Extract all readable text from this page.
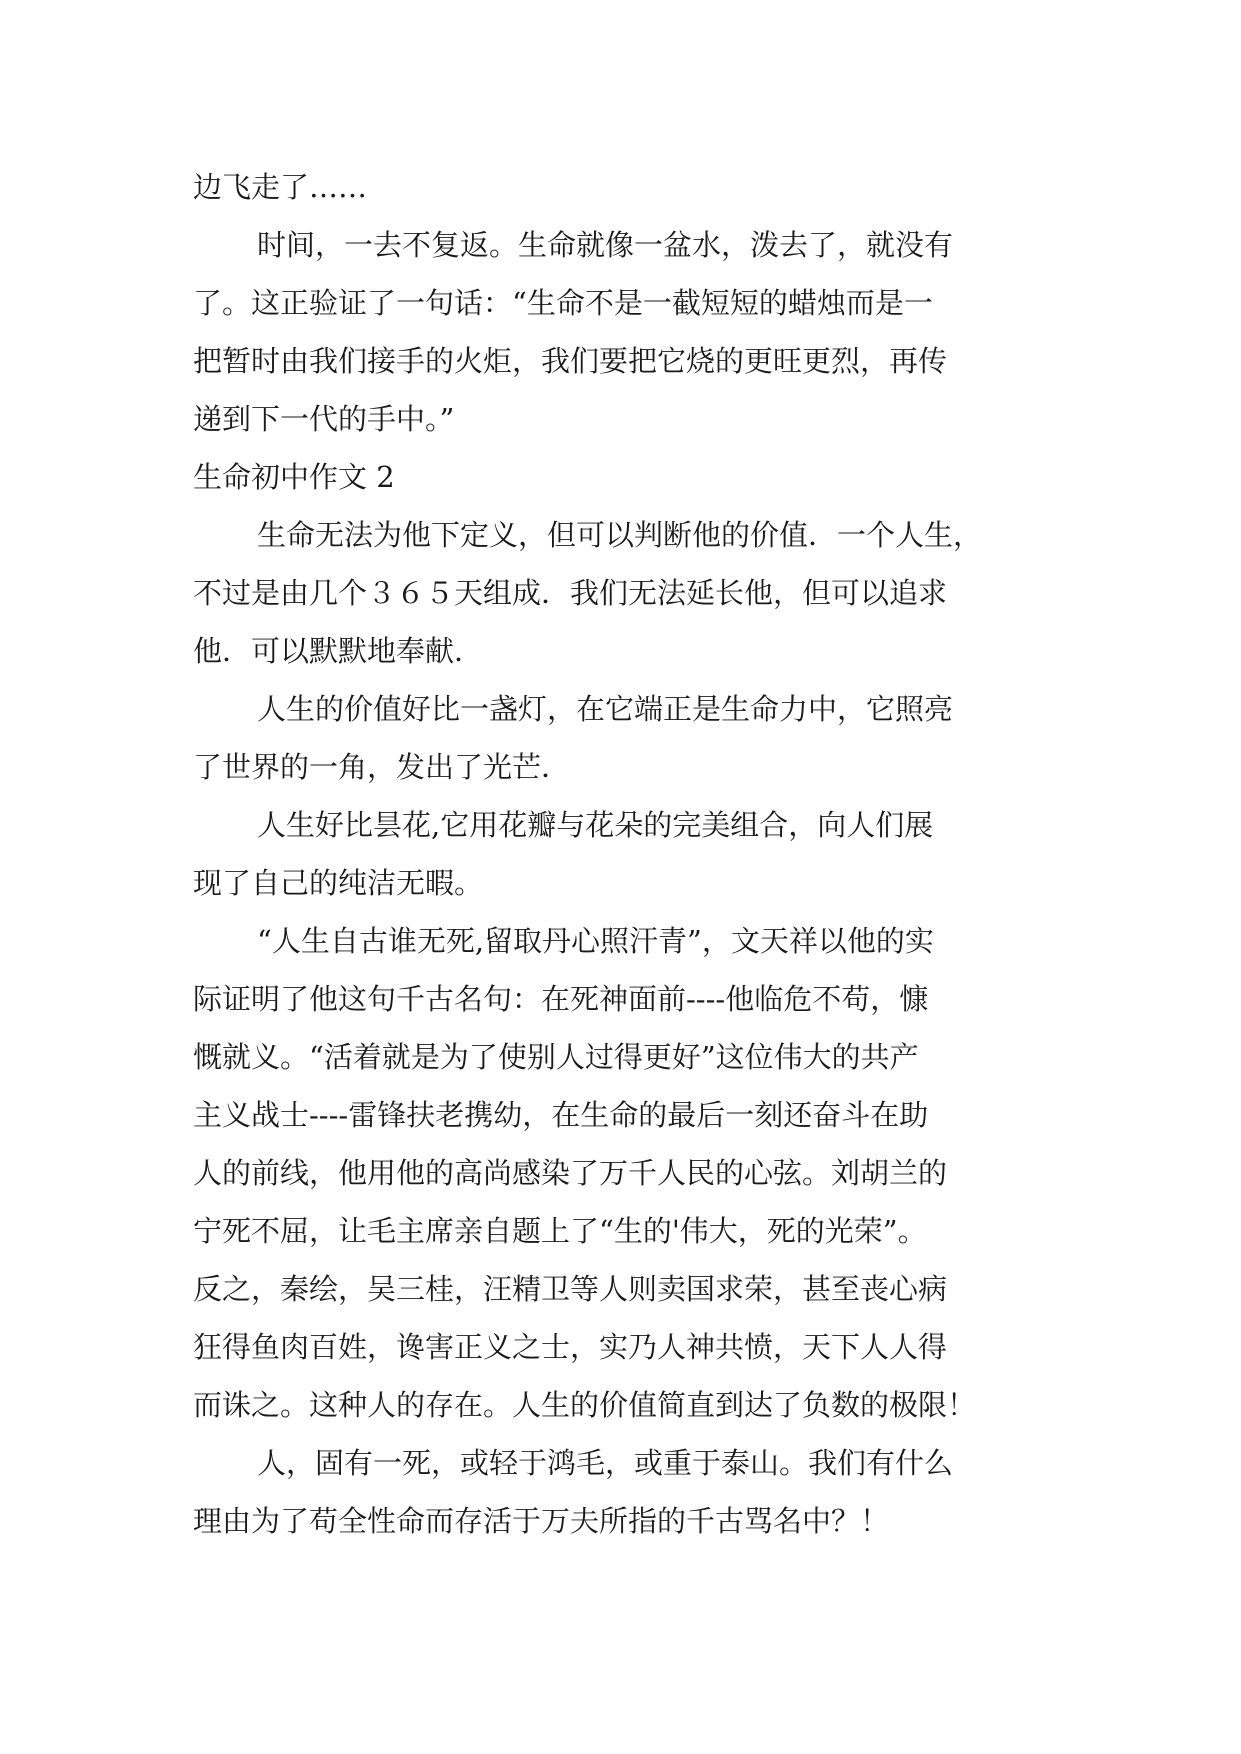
边飞走了……
时间，一去不复返。生命就像一盆水，泼去了，就没有
了。这正验证了一句话：“生命不是一截短短的蜡烛而是一
把暂时由我们接手的火炬，我们要把它烧的更旺更烈，再传
递到下一代的手中。”
生命初中作文 2
生命无法为他下定义，但可以判断他的价值．一个人生，
不过是由几个３６５天组成．我们无法延长他，但可以追求
他．可以默默地奉献．
人生的价值好比一盏灯，在它端正是生命力中，它照亮
了世界的一角，发出了光芒．
人生好比昙花,它用花瓣与花朵的完美组合，向人们展
现了自己的纯洁无暇。
“人生自古谁无死,留取丹心照汗青”，文天祥以他的实
际证明了他这句千古名句：在死神面前----他临危不苟，慷
慨就义。“活着就是为了使别人过得更好”这位伟大的共产
主义战士----雷锋扶老携幼，在生命的最后一刻还奋斗在助
人的前线，他用他的高尚感染了万千人民的心弦。刘胡兰的
宁死不屈，让毛主席亲自题上了“生的'伟大，死的光荣”。
反之，秦绘，吴三桂，汪精卫等人则卖国求荣，甚至丧心病
狂得鱼肉百姓，谗害正义之士，实乃人神共愤，天下人人得
而诛之。这种人的存在。人生的价值简直到达了负数的极限！
人，固有一死，或轻于鸿毛，或重于泰山。我们有什么
理由为了苟全性命而存活于万夫所指的千古骂名中？！
